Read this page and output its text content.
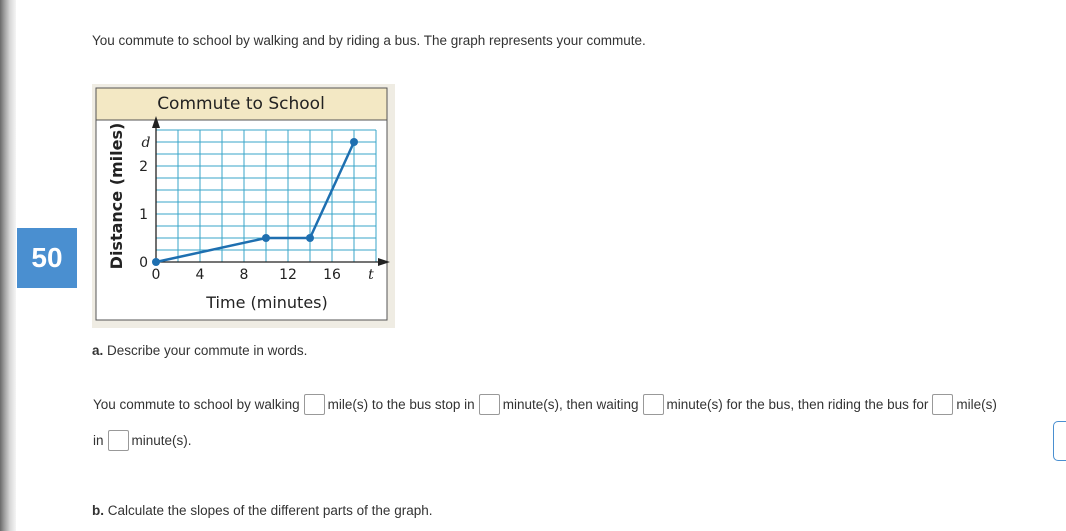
50
You commute to school by walking and by riding a bus. The graph represents your commute.
Commute to School
0	4	8 12 16
0
1
2
Time (minutes)
Distance (miles)
t
d
a. Describe your commute in words.
You commute to school by walking mile(s) to the bus stop in minute(s), then waiting minute(s) for the bus, then riding the bus for mile(s)
in minute(s).
b. Calculate the slopes of the different parts of the graph.
